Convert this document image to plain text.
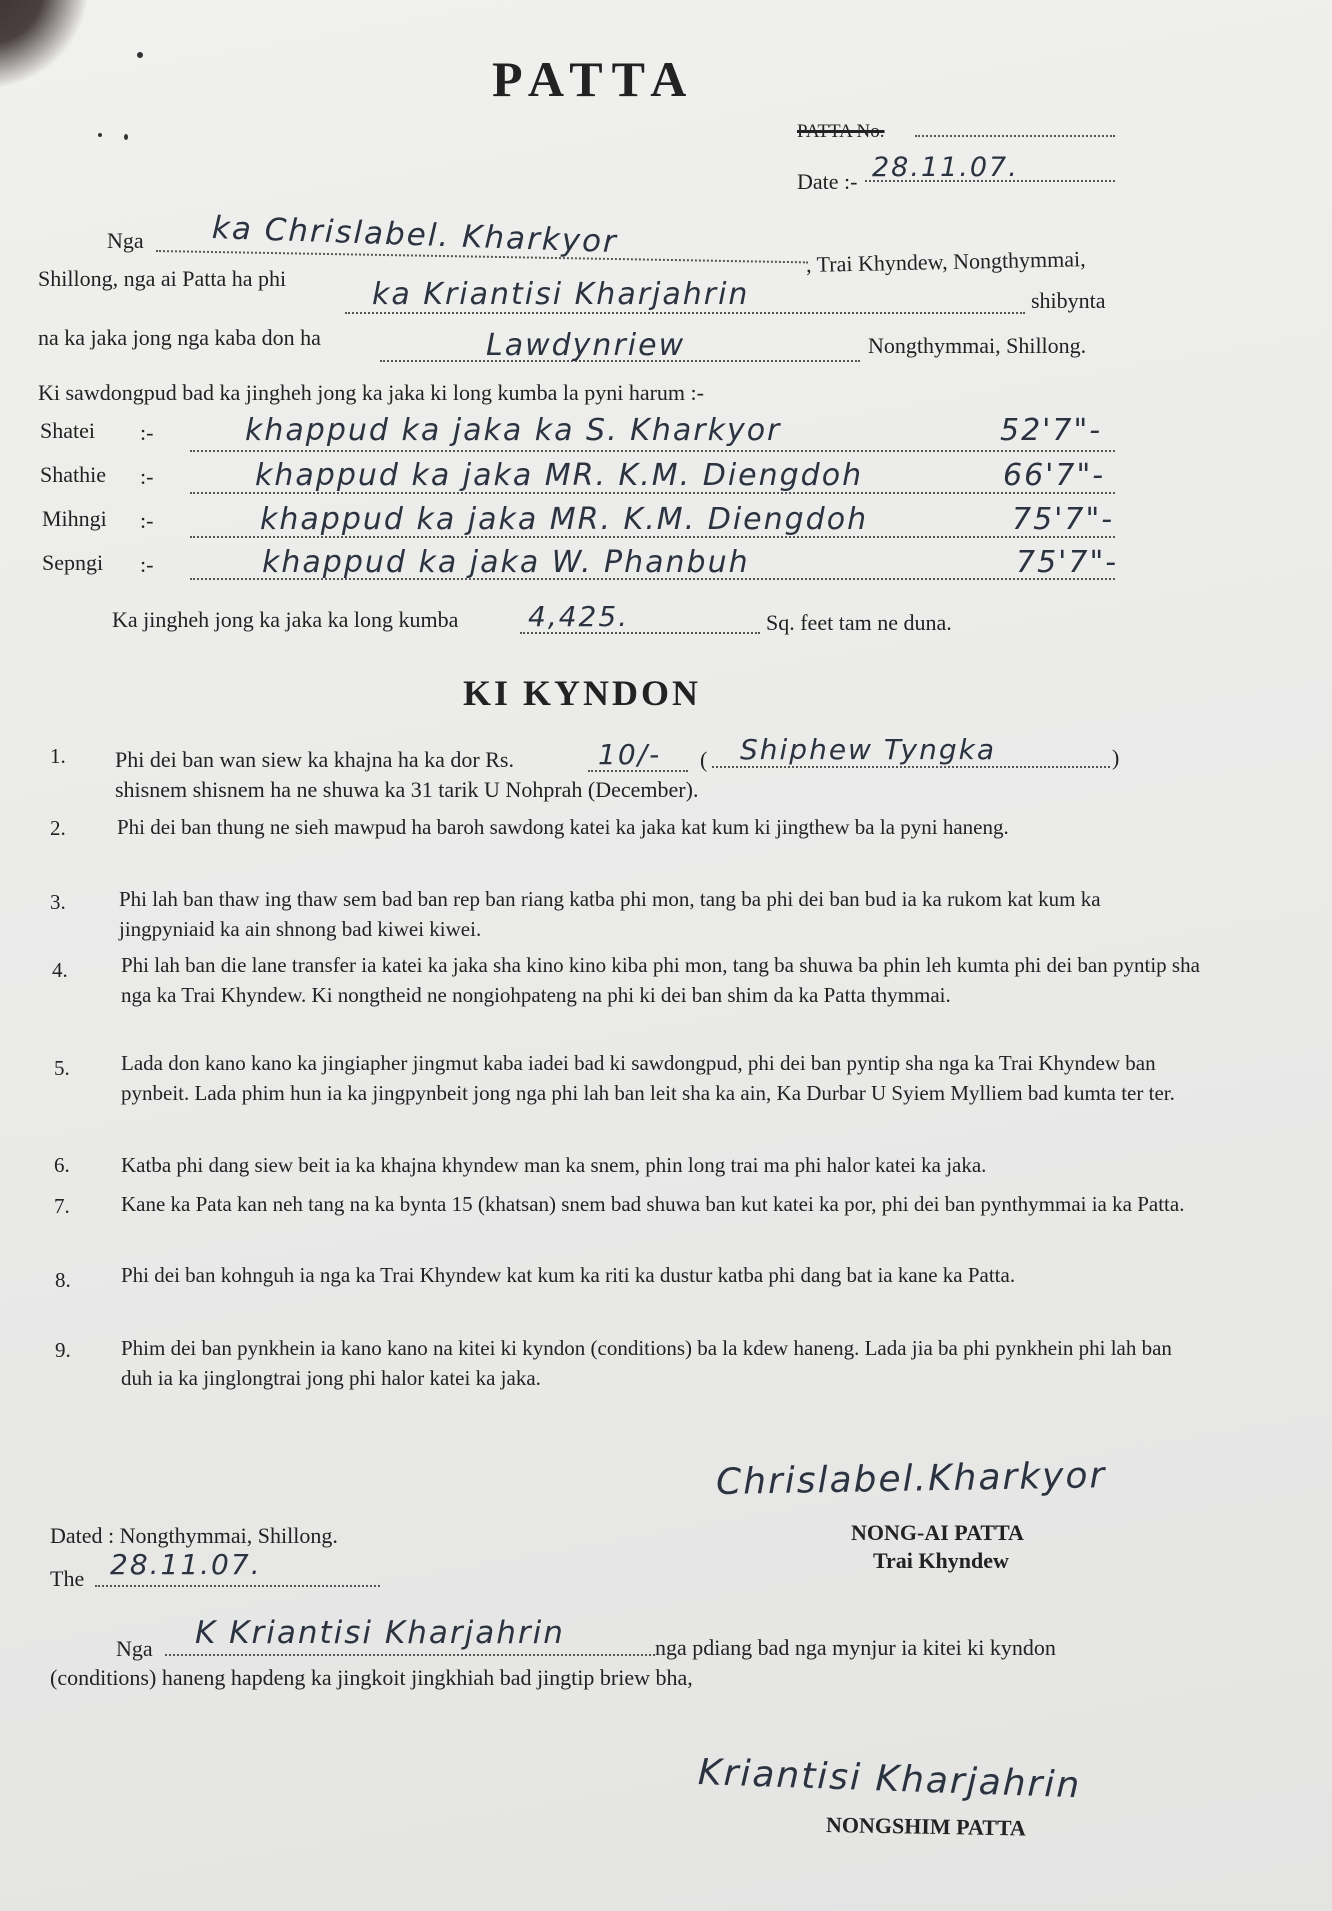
PATTA
PATTA No.
Date :- 28.11.07.
Nga ka Chrislabel. Kharkyor
, Trai Khyndew, Nongthymmai,
Shillong, nga ai Patta ha phi	ka Kriantisi Kharjahrin	shibynta
na ka jaka jong nga kaba don ha	Lawdynriew	Nongthymmai, Shillong.
Ki sawdongpud bad ka jingheh jong ka jaka ki long kumba la pyni harum :-
Shatei :-	khappud ka jaka ka S. Kharkyor	52'7"-
Shathie :-	khappud ka jaka MR. K.M. Diengdoh	66'7"-
Mihngi :-	khappud ka jaka MR. K.M. Diengdoh	75'7"-
Sepngi :-	khappud ka jaka W. Phanbuh	75'7"-
Ka jingheh jong ka jaka ka long kumba 4,425.	Sq. feet tam ne duna.
KI KYNDON
1. Phi dei ban wan siew ka khajna ha ka dor Rs.	10/- ( Shiphew Tyngka	)
shisnem shisnem ha ne shuwa ka 31 tarik U Nohprah (December).
2. Phi dei ban thung ne sieh mawpud ha baroh sawdong katei ka jaka kat kum ki jingthew ba la pyni haneng.
3.	Phi lah ban thaw ing thaw sem bad ban rep ban riang katba phi mon, tang ba phi dei ban bud ia ka rukom kat kum ka jingpyniaid ka ain shnong bad kiwei kiwei.
4.	Phi lah ban die lane transfer ia katei ka jaka sha kino kino kiba phi mon, tang ba shuwa ba phin leh kumta phi dei ban pyntip sha nga ka Trai Khyndew. Ki nongtheid ne nongiohpateng na phi ki dei ban shim da ka Patta thymmai.
5. Lada don kano kano ka jingiapher jingmut kaba iadei bad ki sawdongpud, phi dei ban pyntip sha nga ka Trai Khyndew ban pynbeit. Lada phim hun ia ka jingpynbeit jong nga phi lah ban leit sha ka ain, Ka Durbar U Syiem Mylliem bad kumta ter ter.
6. Katba phi dang siew beit ia ka khajna khyndew man ka snem, phin long trai ma phi halor katei ka jaka.
7. Kane ka Pata kan neh tang na ka bynta 15 (khatsan) snem bad shuwa ban kut katei ka por, phi dei ban pynthymmai ia ka Patta.
8. Phi dei ban kohnguh ia nga ka Trai Khyndew kat kum ka riti ka dustur katba phi dang bat ia kane ka Patta.
9. Phim dei ban pynkhein ia kano kano na kitei ki kyndon (conditions) ba la kdew haneng. Lada jia ba phi pynkhein phi lah ban duh ia ka jinglongtrai jong phi halor katei ka jaka.
Chrislabel.Kharkyor
Dated : Nongthymmai, Shillong.	NONG-AI PATTA
Trai Khyndew
The 28.11.07.
Nga K Kriantisi Kharjahrin	nga pdiang bad nga mynjur ia kitei ki kyndon
(conditions) haneng hapdeng ka jingkoit jingkhiah bad jingtip briew bha,
Kriantisi Kharjahrin
NONGSHIM PATTA
